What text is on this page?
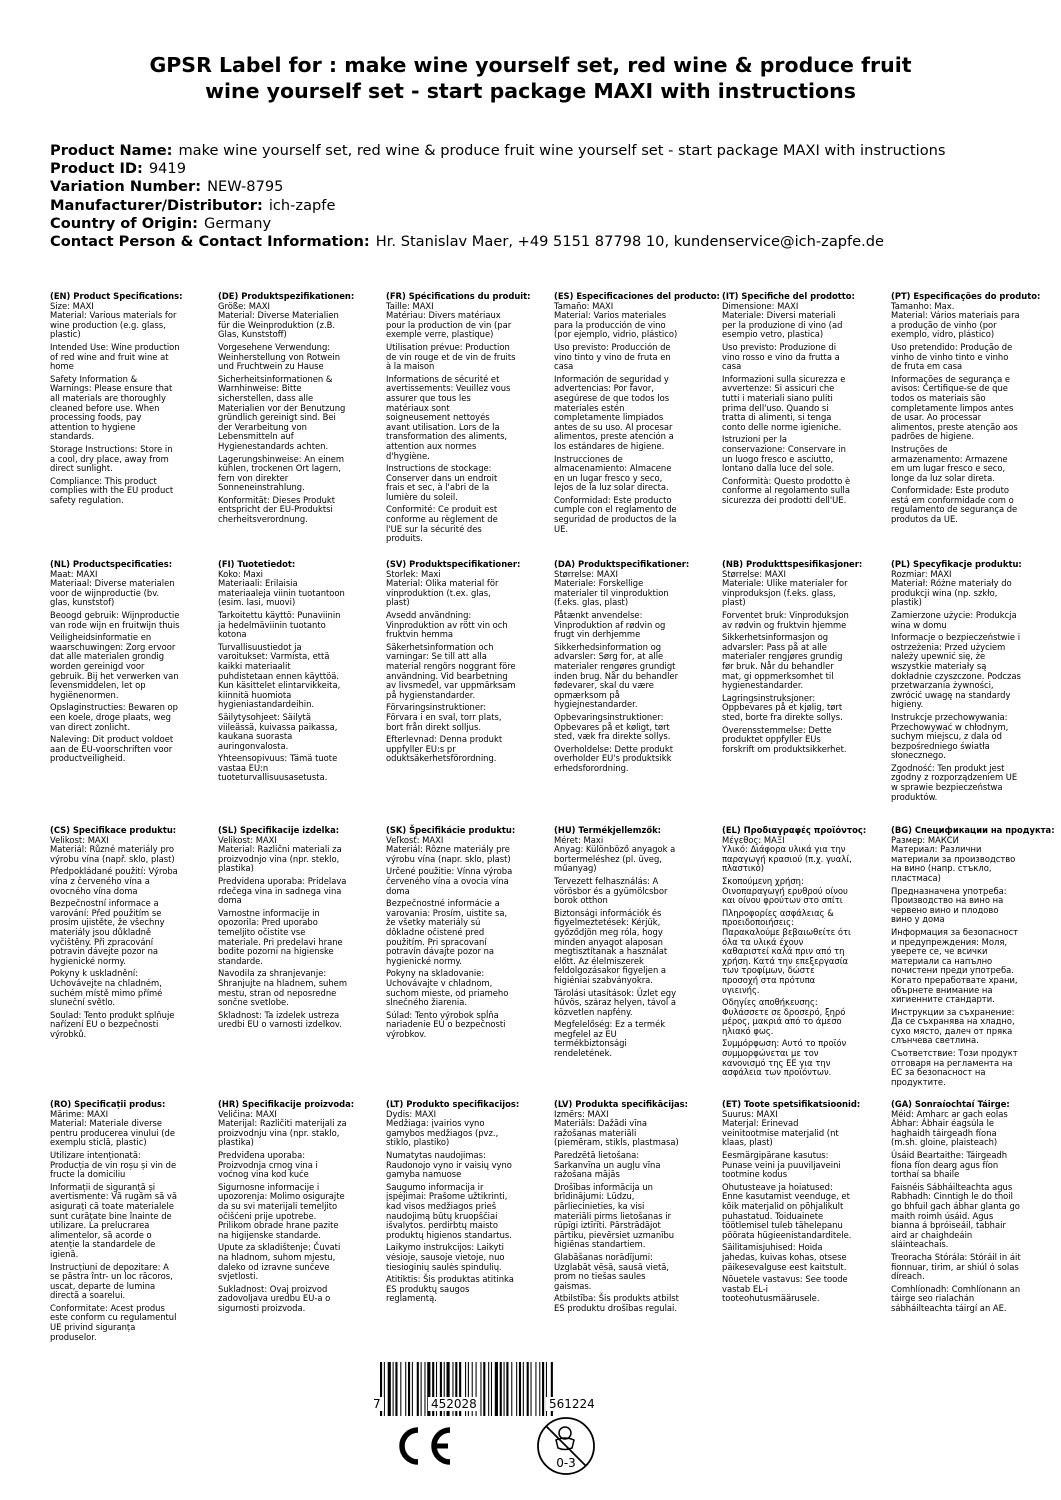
GPSR Label for : make wine yourself set, red wine & produce fruit
wine yourself set - start package MAXI with instructions
Product Name: make wine yourself set, red wine & produce fruit wine yourself set - start package MAXI with instructions
Product ID: 9419
Variation Number: NEW-8795
Manufacturer/Distributor: ich-zapfe
Country of Origin: Germany
Contact Person & Contact Information: Hr. Stanislav Maer, +49 5151 87798 10, kundenservice@ich-zapfe.de
(EN) Product Specifications:
Size: MAXI
Material: Various materials for wine production (e.g. glass, plastic)
Intended Use: Wine production of red wine and fruit wine at home
Safety Information & Warnings: Please ensure that all materials are thoroughly cleaned before use. When processing foods, pay attention to hygiene standards.
Storage Instructions: Store in a cool, dry place, away from direct sunlight.
Compliance: This product complies with the EU product safety regulation.
(DE) Produktspezifikationen:
Größe: MAXI
Material: Diverse Materialien für die Weinproduktion (z.B. Glas, Kunststoff)
Vorgesehene Verwendung: Weinherstellung von Rotwein und Fruchtwein zu Hause
Sicherheitsinformationen & Warnhinweise: Bitte sicherstellen, dass alle Materialien vor der Benutzung gründlich gereinigt sind. Bei der Verarbeitung von Lebensmitteln auf Hygienestandards achten.
Lagerungshinweise: An einem kühlen, trockenen Ort lagern, fern von direkter Sonneneinstrahlung.
Konformität: Dieses Produkt entspricht der EU-Produktsi cherheitsverordnung.
(FR) Spécifications du produit:
Taille: MAXI
Matériau: Divers matériaux pour la production de vin (par exemple verre, plastique)
Utilisation prévue: Production de vin rouge et de vin de fruits à la maison
Informations de sécurité et avertissements: Veuillez vous assurer que tous les matériaux sont soigneusement nettoyés avant utilisation. Lors de la transformation des aliments, attention aux normes d'hygiène.
Instructions de stockage: Conserver dans un endroit frais et sec, à l'abri de la lumière du soleil.
Conformité: Ce produit est conforme au règlement de l'UE sur la sécurité des produits.
(ES) Especificaciones del producto:
Tamaño: MAXI
Material: Varios materiales para la producción de vino (por ejemplo, vidrio, plástico)
Uso previsto: Producción de vino tinto y vino de fruta en casa
Información de seguridad y advertencias: Por favor, asegúrese de que todos los materiales estén completamente limpiados antes de su uso. Al procesar alimentos, preste atención a los estándares de higiene.
Instrucciones de almacenamiento: Almacene en un lugar fresco y seco, lejos de la luz solar directa.
Conformidad: Este producto cumple con el reglamento de seguridad de productos de la UE.
(IT) Specifiche del prodotto:
Dimensione: MAXI
Materiale: Diversi materiali per la produzione di vino (ad esempio vetro, plastica)
Uso previsto: Produzione di vino rosso e vino da frutta a casa
Informazioni sulla sicurezza e avvertenze: Si assicuri che tutti i materiali siano puliti prima dell'uso. Quando si tratta di alimenti, si tenga conto delle norme igieniche.
Istruzioni per la conservazione: Conservare in un luogo fresco e asciutto, lontano dalla luce del sole.
Conformità: Questo prodotto è conforme al regolamento sulla sicurezza dei prodotti dell'UE.
(PT) Especificações do produto:
Tamanho: Max.
Material: Vários materiais para a produção de vinho (por exemplo, vidro, plástico)
Uso pretendido: Produção de vinho de vinho tinto e vinho de fruta em casa
Informações de segurança e avisos: Certifique-se de que todos os materiais são completamente limpos antes de usar. Ao processar alimentos, preste atenção aos padrões de higiene.
Instruções de armazenamento: Armazene em um lugar fresco e seco, longe da luz solar direta.
Conformidade: Este produto está em conformidade com o regulamento de segurança de produtos da UE.
(NL) Productspecificaties:
Maat: MAXI
Materiaal: Diverse materialen voor de wijnproductie (bv. glas, kunststof)
Beoogd gebruik: Wijnproductie van rode wijn en fruitwijn thuis
Veiligheidsinformatie en waarschuwingen: Zorg ervoor dat alle materialen grondig worden gereinigd voor gebruik. Bij het verwerken van levensmiddelen, let op hygiënenormen.
Opslaginstructies: Bewaren op een koele, droge plaats, weg van direct zonlicht.
Naleving: Dit product voldoet aan de EU-voorschriften voor productveiligheid.
(FI) Tuotetiedot:
Koko: Maxi
Materiaali: Erilaisia materiaaleja viinin tuotantoon (esim. lasi, muovi)
Tarkoitettu käyttö: Punaviinin ja hedelmäviinin tuotanto kotona
Turvallisuustiedot ja varoitukset: Varmista, että kaikki materiaalit puhdistetaan ennen käyttöä. Kun käsittelet elintarvikkeita, kiinnitä huomiota hygieniastandardeihin.
Säilytysohjeet: Säilytä viileässä, kuivassa paikassa, kaukana suorasta auringonvalosta.
Yhteensopivuus: Tämä tuote vastaa EU:n tuoteturvallisuusasetusta.
(SV) Produktspecifikationer:
Storlek: Maxi
Material: Olika material för vinproduktion (t.ex. glas, plast)
Avsedd användning: Vinproduktion av rött vin och fruktvin hemma
Säkerhetsinformation och varningar: Se till att alla material rengörs noggrant före användning. Vid bearbetning av livsmedel, var uppmärksam på hygienstandarder.
Förvaringsinstruktioner: Förvara i en sval, torr plats, bort från direkt solljus.
Efterlevnad: Denna produkt uppfyller EU:s pr oduktsäkerhetsförordning.
(DA) Produktspecifikationer:
Størrelse: MAXI
Materiale: Forskellige materialer til vinproduktion (f.eks. glas, plast)
Påtænkt anvendelse: Vinproduktion af rødvin og frugt vin derhjemme
Sikkerhedsinformation og advarsler: Sørg for, at alle materialer rengøres grundigt inden brug. Når du behandler fødevarer, skal du være opmærksom på hygiejnestandarder.
Opbevaringsinstruktioner: Opbevares på et køligt, tørt sted, væk fra direkte sollys.
Overholdelse: Dette produkt overholder EU's produktsikk erhedsforordning.
(NB) Produkttspesifikasjoner:
Størrelse: MAXI
Materiale: Ulike materialer for vinproduksjon (f.eks. glass, plast)
Forventet bruk: Vinproduksjon av rødvin og fruktvin hjemme
Sikkerhetsinformasjon og advarsler: Pass på at alle materialer rengjøres grundig før bruk. Når du behandler mat, gi oppmerksomhet til hygienestandarder.
Lagringsinstruksjoner: Oppbevares på et kjølig, tørt sted, borte fra direkte sollys.
Overensstemmelse: Dette produktet oppfyller EUs forskrift om produktsikkerhet.
(PL) Specyfikacje produktu:
Rozmiar: MAXI
Materiał: Różne materiały do produkcji wina (np. szkło, plastik)
Zamierzone użycie: Produkcja wina w domu
Informacje o bezpieczeństwie i ostrzeżenia: Przed użyciem należy upewnić się, że wszystkie materiały są dokładnie czyszczone. Podczas przetwarzania żywności, zwrócić uwagę na standardy higieny.
Instrukcje przechowywania: Przechowywać w chłodnym, suchym miejscu, z dala od bezpośredniego światła słonecznego.
Zgodność: Ten produkt jest zgodny z rozporządzeniem UE w sprawie bezpieczeństwa produktów.
(CS) Specifikace produktu:
Velikost: MAXI
Materiál: Různé materiály pro výrobu vína (např. sklo, plast)
Předpokládané použití: Výroba vína z červeného vína a ovocného vína doma
Bezpečnostní informace a varování: Před použitím se prosím ujistěte, že všechny materiály jsou důkladně vyčištěny. Při zpracování potravin dávejte pozor na hygienické normy.
Pokyny k uskladnění: Uchovávejte na chladném, suchém místě mimo přímé sluneční světlo.
Soulad: Tento produkt splňuje nařízení EU o bezpečnosti výrobků.
(SL) Specifikacije izdelka:
Velikost: MAXI
Material: Različni materiali za proizvodnjo vina (npr. steklo, plastika)
Predvidena uporaba: Pridelava rdečega vina in sadnega vina doma
Varnostne informacije in opozorila: Pred uporabo temeljito očistite vse materiale. Pri predelavi hrane bodite pozorni na higienske standarde.
Navodila za shranjevanje: Shranjujte na hladnem, suhem mestu, stran od neposredne sončne svetlobe.
Skladnost: Ta izdelek ustreza uredbi EU o varnosti izdelkov.
(SK) Špecifikácie produktu:
Veľkosť: MAXI
Materiál: Rôzne materiály pre výrobu vína (napr. sklo, plast)
Určené použitie: Vínna výroba červeného vína a ovocia vína doma
Bezpečnostné informácie a varovania: Prosím, uistite sa, že všetky materiály sú dôkladne očistené pred použitím. Pri spracovaní potravín dávajte pozor na hygienické normy.
Pokyny na skladovanie: Uchovávajte v chladnom, suchom mieste, od priameho slnečného žiarenia.
Súlad: Tento výrobok spĺňa nariadenie EÚ o bezpečnosti výrobkov.
(HU) Termékjellemzők:
Méret: Maxi
Anyag: Különböző anyagok a bortermeléshez (pl. üveg, műanyag)
Tervezett felhasználás: A vörösbor és a gyümölcsbor borok otthon
Biztonsági információk és figyelmeztetések: Kérjük, győződjön meg róla, hogy minden anyagot alaposan megtisztítanak a használat előtt. Az élelmiszerek feldolgozásakor figyeljen a higiéniai szabványokra.
Tárolási utasítások: Üzlet egy hűvös, száraz helyen, távol a közvetlen napfény.
Megfelelőség: Ez a termék megfelel az EU termékbiztonsági rendeletének.
(EL) Προδιαγραφές προϊόντος:
Μέγεθος: ΜΑΞΙ
Υλικό: Διάφορα υλικά για την παραγωγή κρασιού (π.χ. γυαλί, πλαστικό)
Σκοπούμενη χρήση: Οινοπαραγωγή ερυθρού οίνου και οίνου φρούτων στο σπίτι
Πληροφορίες ασφάλειας & προειδοποιήσεις: Παρακαλούμε βεβαιωθείτε ότι όλα τα υλικά έχουν καθαριστεί καλά πριν από τη χρήση. Κατά την επεξεργασία των τροφίμων, δώστε προσοχή στα πρότυπα υγιεινής.
Οδηγίες αποθήκευσης: Φυλάσσετε σε δροσερό, ξηρό μέρος, μακριά από το άμεσο ηλιακό φως.
Συμμόρφωση: Αυτό το προϊόν συμμορφώνεται με τον κανονισμό της ΕΕ για την ασφάλεια των προϊόντων.
(BG) Спецификации на продукта:
Размер: МАКСИ
Материал: Различни материали за производство на вино (напр. стъкло, пластмаса)
Предназначена употреба: Производство на вино на червено вино и плодово вино у дома
Информация за безопасност и предупреждения: Моля, уверете се, че всички материали са напълно почистени преди употреба. Когато преработвате храни, обърнете внимание на хигиенните стандарти.
Инструкции за съхранение: Да се съхранява на хладно, сухо място, далеч от пряка слънчева светлина.
Съответствие: Този продукт отговаря на регламента на ЕС за безопасност на продуктите.
(RO) Specificații produs:
Mărime: MAXI
Material: Materiale diverse pentru producerea vinului (de exemplu sticlă, plastic)
Utilizare intenționată: Producția de vin roșu și vin de fructe la domiciliu
Informații de siguranță și avertismente: Vă rugăm să vă asigurați că toate materialele sunt curățate bine înainte de utilizare. La prelucrarea alimentelor, să acorde o atenție la standardele de igienă.
Instrucțiuni de depozitare: A se păstra într- un loc răcoros, uscat, departe de lumina directă a soarelui.
Conformitate: Acest produs este conform cu regulamentul UE privind siguranța produselor.
(HR) Specifikacije proizvoda:
Veličina: MAXI
Materijal: Različiti materijali za proizvodnju vina (npr. staklo, plastika)
Predviđena uporaba: Proizvodnja crnog vina i voćnog vina kod kuće
Sigurnosne informacije i upozorenja: Molimo osigurajte da su svi materijali temeljito očišćeni prije upotrebe. Prilikom obrade hrane pazite na higijenske standarde.
Upute za skladištenje: Čuvati na hladnom, suhom mjestu, daleko od izravne sunčeve svjetlosti.
Sukladnost: Ovaj proizvod zadovoljava uredbu EU-a o sigurnosti proizvoda.
(LT) Produkto specifikacijos:
Dydis: MAXI
Medžiaga: įvairios vyno gamybos medžiagos (pvz., stiklo, plastiko)
Numatytas naudojimas: Raudonojo vyno ir vaisių vyno gamyba namuose
Saugumo informacija ir įspėjimai: Prašome užtikrinti, kad visos medžiagos prieš naudojimą būtų kruopščiai išvalytos. perdirbtų maisto produktų higienos standartus.
Laikymo instrukcijos: Laikyti vėsioje, sausoje vietoje, nuo tiesioginių saulės spindulių.
Atitiktis: Šis produktas atitinka ES produktų saugos reglamentą.
(LV) Produkta specifikācijas:
Izmērs: MAXI
Materiāls: Dažādi vīna ražošanas materiāli (piemēram, stikls, plastmasa)
Paredzētā lietošana: Sarkanvīna un augļu vīna ražošana mājās
Drošības informācija un brīdinājumi: Lūdzu, pārliecinieties, ka visi materiāli pirms lietošanas ir rūpīgi iztīrīti. Pārstrādājot pārtiku, pievērsiet uzmanību higiēnas standartiem.
Glabāšanas norādījumi: Uzglabāt vēsā, sausā vietā, prom no tiešas saules gaismas.
Atbilstība: Šis produkts atbilst ES produktu drošības regulai.
(ET) Toote spetsifikatsioonid:
Suurus: MAXI
Materjal: Erinevad veinitootmise materjalid (nt klaas, plast)
Eesmärgipärane kasutus: Punase veini ja puuviljaveini tootmine kodus
Ohutusteave ja hoiatused: Enne kasutamist veenduge, et kõik materjalid on põhjalikult puhastatud. Toiduainete töötlemisel tuleb tähelepanu pöörata hügieenistandarditele.
Säilitamisjuhised: Hoida jahedas, kuivas kohas, otsese päikesevalguse eest kaitstult.
Nõuetele vastavus: See toode vastab EL-i tooteohutusmäärusele.
(GA) Sonraíochtaí Táirge:
Méid: Amharc ar gach eolas
Ábhar: Ábhair éagsúla le haghaidh táirgeadh fíona (m.sh. gloine, plaisteach)
Úsáid Beartaithe: Táirgeadh fíona fíon dearg agus fíon torthaí sa bhaile
Faisnéis Sábháilteachta agus Rabhadh: Cinntigh le do thoil go bhfuil gach ábhar glanta go maith roimh úsáid. Agus bianna á bpróiseáil, tabhair aird ar chaighdeáin sláinteachais.
Treoracha Stórála: Stóráil in áit fionnuar, tirim, ar shiúl ó solas díreach.
Comhlíonadh: Comhlíonann an táirge seo rialachán sábháilteachta táirgí an AE.
7	452028	561224
0-3
